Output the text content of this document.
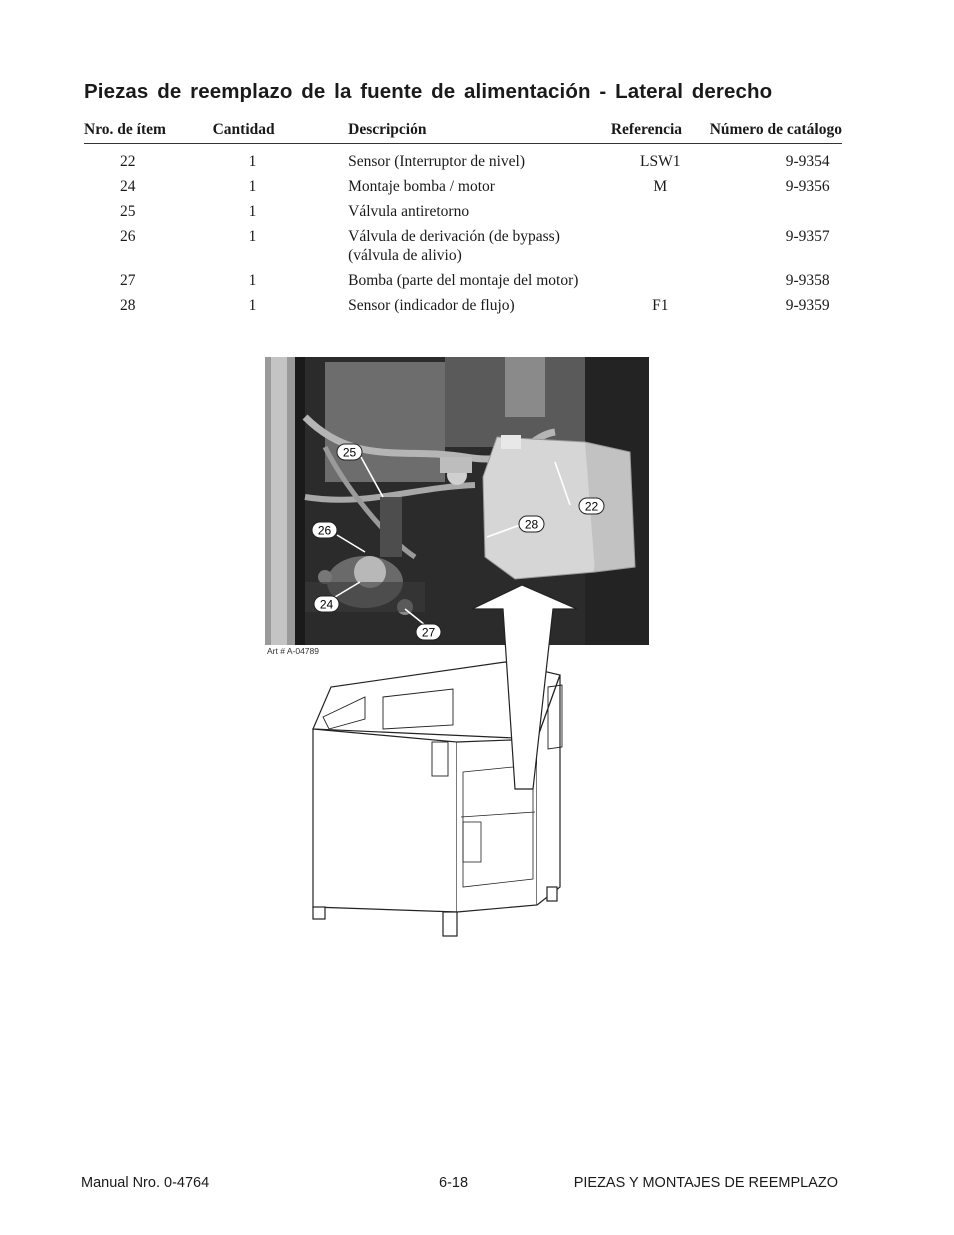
Piezas de reemplazo de la fuente de alimentación - Lateral derecho
Nro. de ítem	Cantidad	Descripción	Referencia	Número de catálogo
22	1	Sensor (Interruptor de nivel)	LSW1	9-9354
24	1	Montaje bomba / motor	M	9-9356
25	1	Válvula antiretorno		
26	1	Válvula de derivación (de bypass)
(válvula de alivio)		9-9357
27	1	Bomba (parte del montaje del motor)		9-9358
28	1	Sensor (indicador de flujo)	F1	9-9359
25
22
28
26
24
27
Art # A-04789
Manual Nro. 0-4764	6-18	PIEZAS Y MONTAJES DE REEMPLAZO
